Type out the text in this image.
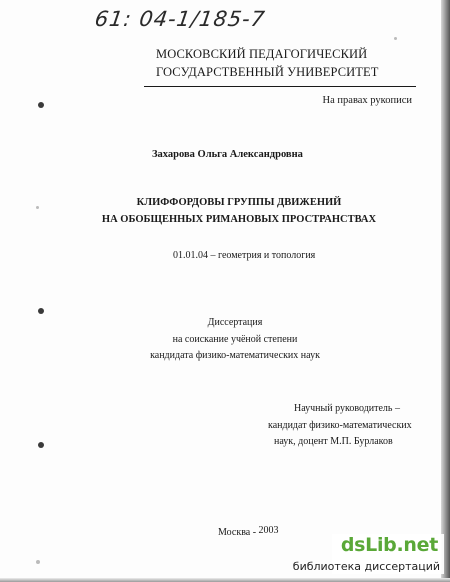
61: 04-1/185-7
МОСКОВСКИЙ ПЕДАГОГИЧЕСКИЙ
ГОСУДАРСТВЕННЫЙ УНИВЕРСИТЕТ
На правах рукописи
Захарова Ольга Александровна
КЛИФФОРДОВЫ ГРУППЫ ДВИЖЕНИЙ
НА ОБОБЩЕННЫХ РИМАНОВЫХ ПРОСТРАНСТВАХ
01.01.04 – геометрия и топология
Диссертация
на соискание учёной степени
кандидата физико-математических наук
Научный руководитель –
кандидат физико-математических
наук, доцент М.П. Бурлаков
Москва - 2003
dsLib.net
библиотека диссертаций
